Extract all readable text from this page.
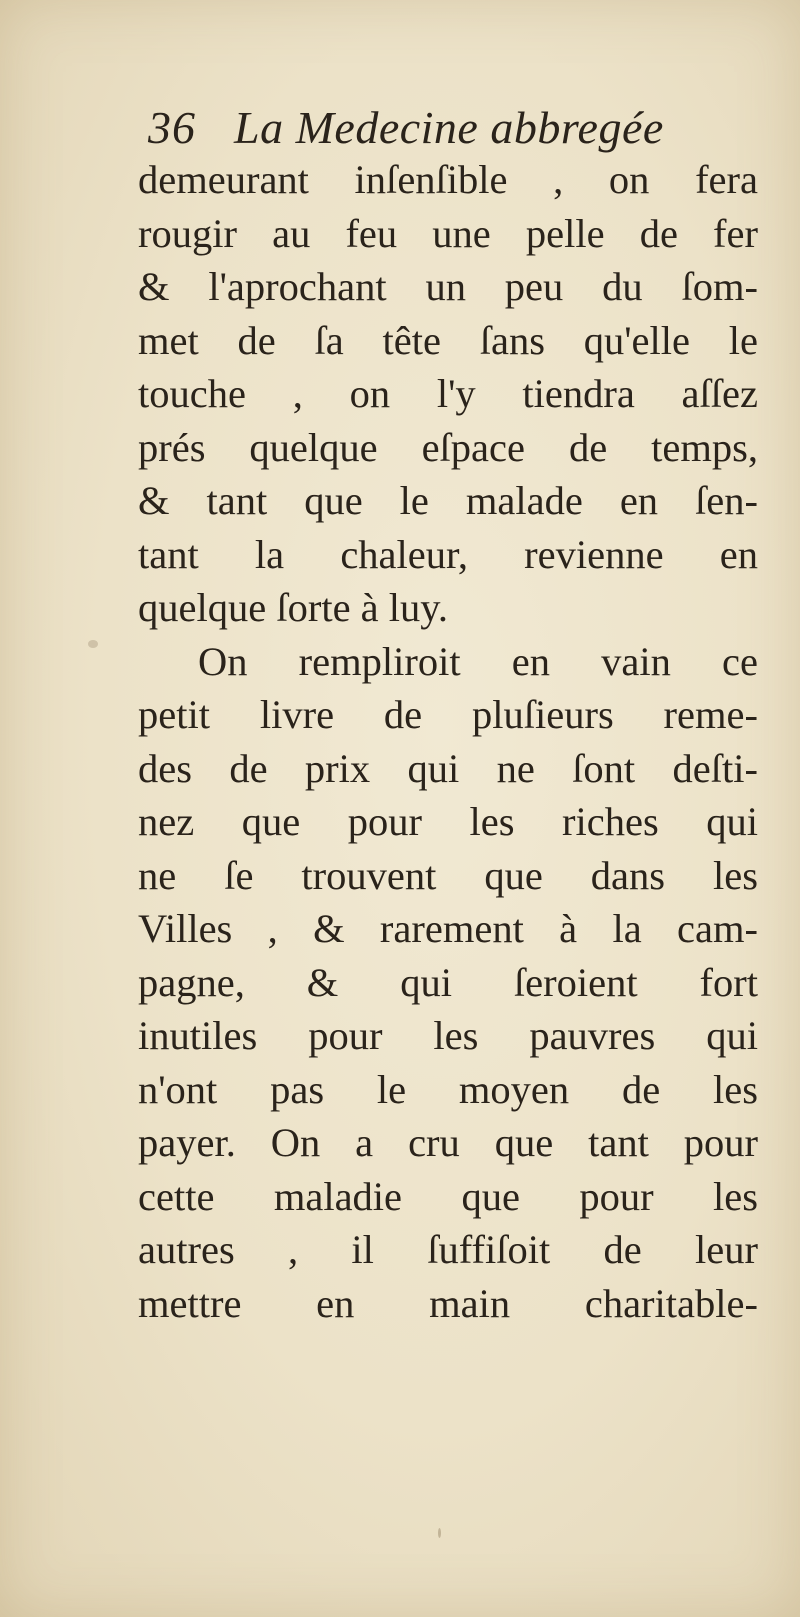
36 La Medecine abbregée
demeurant inſenſible , on fera
rougir au feu une pelle de fer
& l'aprochant un peu du ſom-
met de ſa tête ſans qu'elle le
touche , on l'y tiendra aſſez
prés quelque eſpace de temps,
& tant que le malade en ſen-
tant la chaleur, revienne en
quelque ſorte à luy.
On rempliroit en vain ce
petit livre de pluſieurs reme-
des de prix qui ne ſont deſti-
nez que pour les riches qui
ne ſe trouvent que dans les
Villes , & rarement à la cam-
pagne, & qui ſeroient fort
inutiles pour les pauvres qui
n'ont pas le moyen de les
payer. On a cru que tant pour
cette maladie que pour les
autres , il ſuffiſoit de leur
mettre en main charitable-
